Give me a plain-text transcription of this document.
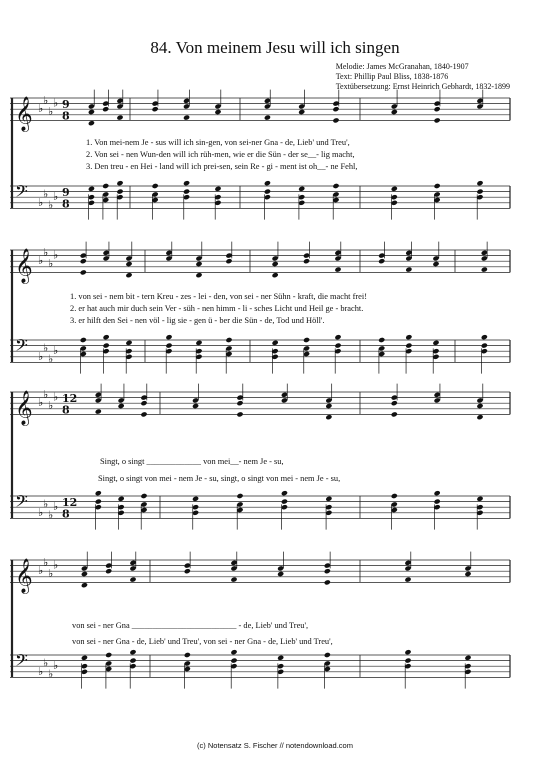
84. Von meinem Jesu will ich singen
Melodie: James McGranahan, 1840-1907
Text: Phillip Paul Bliss, 1838-1876
Textübersetzung: Ernst Heinrich Gebhardt, 1832-1899
𝄞 ♭
♭
♭
♭ 9
8
𝄢 ♭
♭
♭
♭ 9
8
𝄞 ♭
♭
♭
♭
𝄢 ♭
♭
♭
♭
𝄞 ♭
♭
♭
♭ 12
8
𝄢 ♭
♭
♭
♭ 12
8
𝄞 ♭
♭
♭
♭
𝄢 ♭
♭
♭
♭
1. Von mei-nem Je - sus will ich sin-gen, von sei-ner Gna - de, Lieb' und Treu',
2. Von sei - nen Wun-den will ich rüh-men, wie er die Sün - der se__- lig macht,
3. Den treu - en Hei - land will ich prei-sen, sein Re - gi - ment ist oh__- ne Fehl,
1. von sei - nem bit - tern Kreu - zes - lei - den, von sei - ner Sühn - kraft, die macht frei!
2. er hat auch mir duch sein Ver - süh - nen himm - li - sches Licht und Heil ge - bracht.
3. er hilft den Sei - nen völ - lig sie - gen ü - ber die Sün - de, Tod und Höll'.
Singt, o singt _____________ von mei__- nem Je - su,
Singt, o singt von mei - nem Je - su, singt, o singt von mei - nem Je - su,
von sei - ner Gna _________________________ - de, Lieb' und Treu',
von sei - ner Gna - de, Lieb' und Treu', von sei - ner Gna - de, Lieb' und Treu',
(c) Notensatz S. Fischer // notendownload.com
